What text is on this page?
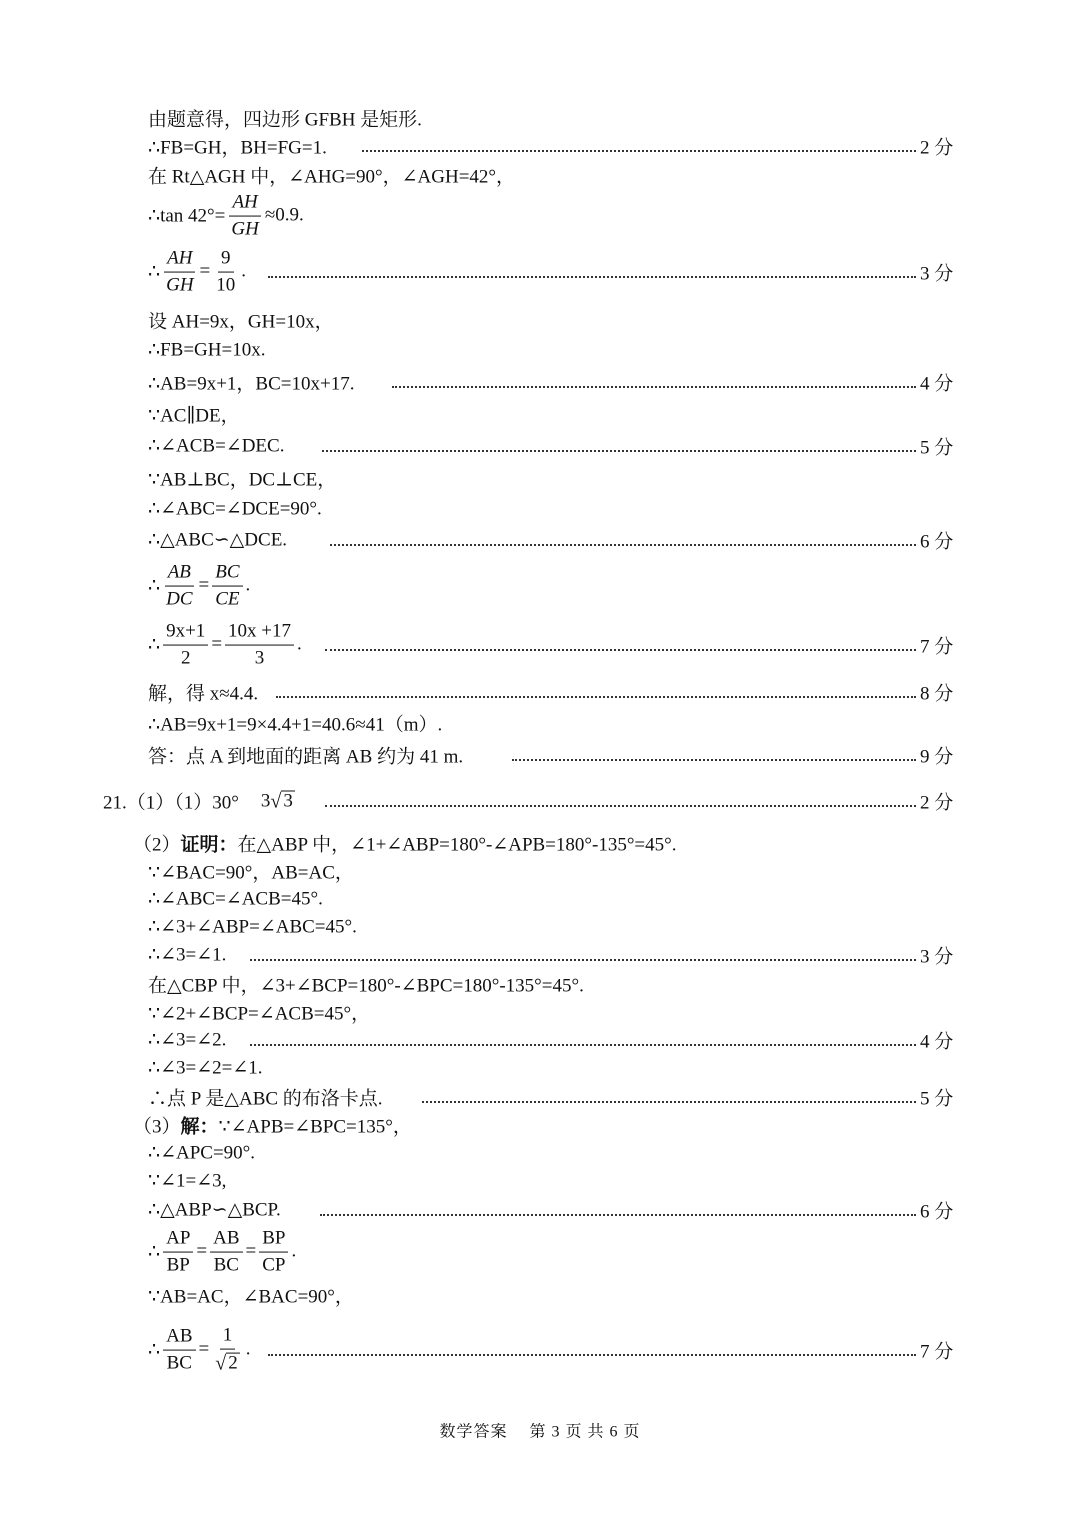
由题意得，四边形 GFBH 是矩形.
∴FB=GH，BH=FG=1.	2 分
在 Rt△AGH 中，∠AHG=90°，∠AGH=42°，
∴tan $42^\circ= \frac{AH}{GH} \approx 0.9$.
∴ $\frac{AH}{GH} = \frac{9}{10}$ .	3 分
设 AH=9x，GH=10x，
∴FB=GH=10x.
∴AB=9x+1，BC=10x+17.	4 分
∵AC∥DE，
∴∠ACB=∠DEC.	5 分
∵AB⊥BC，DC⊥CE，
∴∠ABC=∠DCE=90°.
∴△ABC∽△DCE.	6 分
∴ $\frac{AB}{DC} = \frac{BC}{CE}$ .
∴ $\frac{9x+1}{2} = \frac{10x +17}{3}$ .	7 分
解，得 x≈4.4.	8 分
∴AB=9x+1=9×4.4+1=40.6≈41（m）.
答：点 A 到地面的距离 AB 约为 41 m.	9 分
21.（1）（1）30° 3 √ 3	2 分
（2） 证明： 在△ABP 中，∠1+∠ABP=180°-∠APB=180°-135°=45°.
∵∠BAC=90°，AB=AC，
∴∠ABC=∠ACB=45°.
∴∠3+∠ABP=∠ABC=45°.
∴∠3=∠1.	3 分
在△CBP 中，∠3+∠BCP=180°-∠BPC=180°-135°=45°.
∵∠2+∠BCP=∠ACB=45°，
∴∠3=∠2.	4 分
∴∠3=∠2=∠1.
∴点 P 是△ABC 的布洛卡点.	5 分
（3） 解： ∵∠APB=∠BPC=135°，
∴∠APC=90°.
∵∠1=∠3,
∴△ABP∽△BCP.	6 分
∴ $\frac{AP}{BP} = \frac{AB}{BC} = \frac{BP}{CP}$ .
∵AB=AC，∠BAC=90°，
∴ $\frac{AB}{BC} = \frac{1}{√ 2}$ .	7 分
数学答案　 第 3 页 共 6 页
